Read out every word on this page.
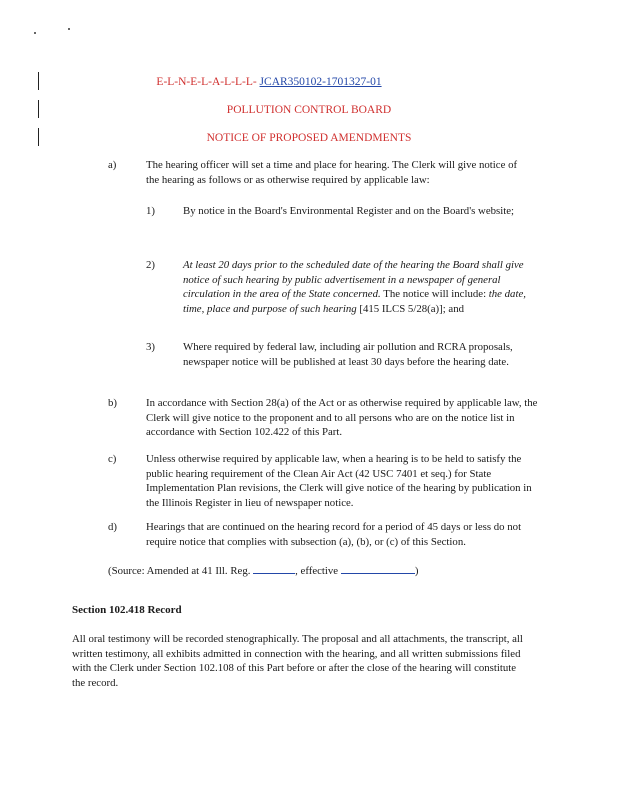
E-L-N-E-L-A-L-L-L- JCAR350102-1701327-01
POLLUTION CONTROL BOARD
NOTICE OF PROPOSED AMENDMENTS
a)	The hearing officer will set a time and place for hearing. The Clerk will give notice of the hearing as follows or as otherwise required by applicable law:
1)	By notice in the Board's Environmental Register and on the Board's website;
2)	At least 20 days prior to the scheduled date of the hearing the Board shall give notice of such hearing by public advertisement in a newspaper of general circulation in the area of the State concerned. The notice will include: the date, time, place and purpose of such hearing [415 ILCS 5/28(a)]; and
3)	Where required by federal law, including air pollution and RCRA proposals, newspaper notice will be published at least 30 days before the hearing date.
b)	In accordance with Section 28(a) of the Act or as otherwise required by applicable law, the Clerk will give notice to the proponent and to all persons who are on the notice list in accordance with Section 102.422 of this Part.
c)	Unless otherwise required by applicable law, when a hearing is to be held to satisfy the public hearing requirement of the Clean Air Act (42 USC 7401 et seq.) for State Implementation Plan revisions, the Clerk will give notice of the hearing by publication in the Illinois Register in lieu of newspaper notice.
d)	Hearings that are continued on the hearing record for a period of 45 days or less do not require notice that complies with subsection (a), (b), or (c) of this Section.
(Source: Amended at 41 Ill. Reg.	, effective	)
Section 102.418 Record
All oral testimony will be recorded stenographically. The proposal and all attachments, the transcript, all written testimony, all exhibits admitted in connection with the hearing, and all written submissions filed with the Clerk under Section 102.108 of this Part before or after the close of the hearing will constitute the record.
